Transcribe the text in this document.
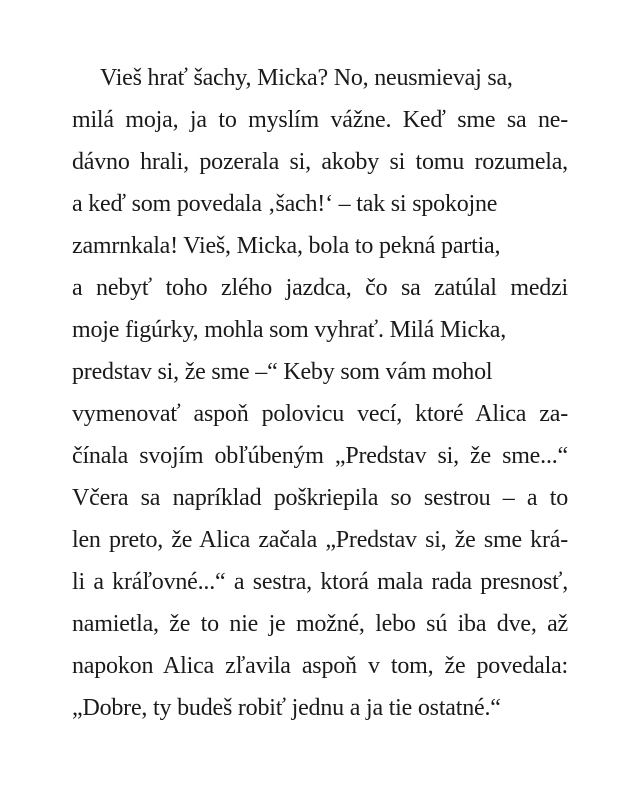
Vieš hrať šachy, Micka? No, neusmievaj sa,
milá moja, ja to myslím vážne. Keď sme sa ne-
dávno hrali, pozerala si, akoby si tomu rozumela,
a keď som povedala ‚šach!‘ – tak si spokojne
zamrnkala! Vieš, Micka, bola to pekná partia,
a nebyť toho zlého jazdca, čo sa zatúlal medzi
moje figúrky, mohla som vyhrať. Milá Micka,
predstav si, že sme –“ Keby som vám mohol
vymenovať aspoň polovicu vecí, ktoré Alica za-
čínala svojím obľúbeným „Predstav si, že sme...“
Včera sa napríklad poškriepila so sestrou – a to
len preto, že Alica začala „Predstav si, že sme krá-
li a kráľovné...“ a sestra, ktorá mala rada presnosť,
namietla, že to nie je možné, lebo sú iba dve, až
napokon Alica zľavila aspoň v tom, že povedala:
„Dobre, ty budeš robiť jednu a ja tie ostatné.“
